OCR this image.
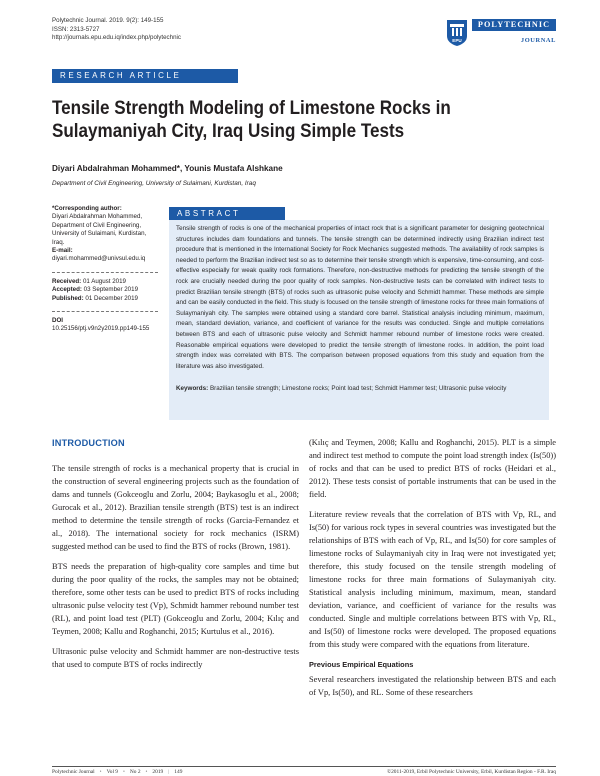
Polytechnic Journal. 2019. 9(2): 149-155
ISSN: 2313-5727
http://journals.epu.edu.iq/index.php/polytechnic	EPU
POLYTECHNIC
JOURNAL
RESEARCH ARTICLE
Tensile Strength Modeling of Limestone Rocks in Sulaymaniyah City, Iraq Using Simple Tests
Diyari Abdalrahman Mohammed*, Younis Mustafa Alshkane
Department of Civil Engineering, University of Sulaimani, Kurdistan, Iraq
*Corresponding author:
Diyari Abdalrahman Mohammed,
Department of Civil Engineering, University of Sulaimani, Kurdistan, Iraq.
E-mail: diyari.mohammed@univsul.edu.iq
Received: 01 August 2019
Accepted: 03 September 2019
Published: 01 December 2019
DOI
10.25156/ptj.v9n2y2019.pp149-155
ABSTRACT
Tensile strength of rocks is one of the mechanical properties of intact rock that is a significant parameter for designing geotechnical structures includes dam foundations and tunnels. The tensile strength can be determined indirectly using Brazilian indirect test procedure that is mentioned in the International Society for Rock Mechanics suggested methods. The availability of rock samples is needed to perform the Brazilian indirect test so as to determine their tensile strength which is expensive, time-consuming, and cost-effective especially for weak quality rock formations. Therefore, non-destructive methods for predicting the tensile strength of the rock are crucially needed during the poor quality of rock samples. Non-destructive tests can be correlated with indirect tests to predict Brazilian tensile strength (BTS) of rocks such as ultrasonic pulse velocity and Schmidt hammer. These methods are simple and can be easily conducted in the field. This study is focused on the tensile strength of limestone rocks for three main formations of Sulaymaniyah city. The samples were obtained using a standard core barrel. Statistical analysis including minimum, maximum, mean, standard deviation, variance, and coefficient of variance for the results was conducted. Single and multiple correlations between BTS and each of ultrasonic pulse velocity and Schmidt hammer rebound number of limestone rocks were created. Reasonable empirical equations were developed to predict the tensile strength of limestone rocks. In addition, the point load strength index was correlated with BTS. The comparison between proposed equations from this study and equation from the literature was also investigated.
Keywords: Brazilian tensile strength; Limestone rocks; Point load test; Schmidt Hammer test; Ultrasonic pulse velocity
INTRODUCTION

The tensile strength of rocks is a mechanical property that is crucial in the construction of several engineering projects such as the foundation of dams and tunnels (Gokceoglu and Zorlu, 2004; Baykasoglu et al., 2008; Gurocak et al., 2012). Brazilian tensile strength (BTS) test is an indirect method to determine the tensile strength of rocks (Garcia-Fernandez et al., 2018). The international society for rock mechanics (ISRM) suggested method can be used to find the BTS of rocks (Brown, 1981).

BTS needs the preparation of high-quality core samples and time but during the poor quality of the rocks, the samples may not be obtained; therefore, some other tests can be used to predict BTS of rocks including ultrasonic pulse velocity test (Vp), Schmidt hammer rebound number test (RL), and point load test (PLT) (Gokceoglu and Zorlu, 2004; Kılıç and Teymen, 2008; Kallu and Roghanchi, 2015; Kurtulus et al., 2016).

Ultrasonic pulse velocity and Schmidt hammer are non-destructive tests that used to compute BTS of rocks indirectly

(Kılıç and Teymen, 2008; Kallu and Roghanchi, 2015). PLT is a simple and indirect test method to compute the point load strength index (Is(50)) of rocks and that can be used to predict BTS of rocks (Heidari et al., 2012). These tests consist of portable instruments that can be used in the field.

Literature review reveals that the correlation of BTS with Vp, RL, and Is(50) for various rock types in several countries was investigated but the relationships of BTS with each of Vp, RL, and Is(50) for core samples of limestone rocks of Sulaymaniyah city in Iraq were not investigated yet; therefore, this study focused on the tensile strength modeling of limestone rocks for three main formations of Sulaymaniyah city. Statistical analysis including minimum, maximum, mean, standard deviation, variance, and coefficient of variance for the results was conducted. Single and multiple correlations between BTS with Vp, RL, and Is(50) of limestone rocks were developed. The proposed equations from this study were compared with the equations from literature.

Previous Empirical Equations

Several researchers investigated the relationship between BTS and each of Vp, Is(50), and RL. Some of these researchers

Polytechnic Journal • Vol 9 • No 2 • 2019 | 149	©2011-2019, Erbil Polytechnic University, Erbil, Kurdistan Region - F.R. Iraq
